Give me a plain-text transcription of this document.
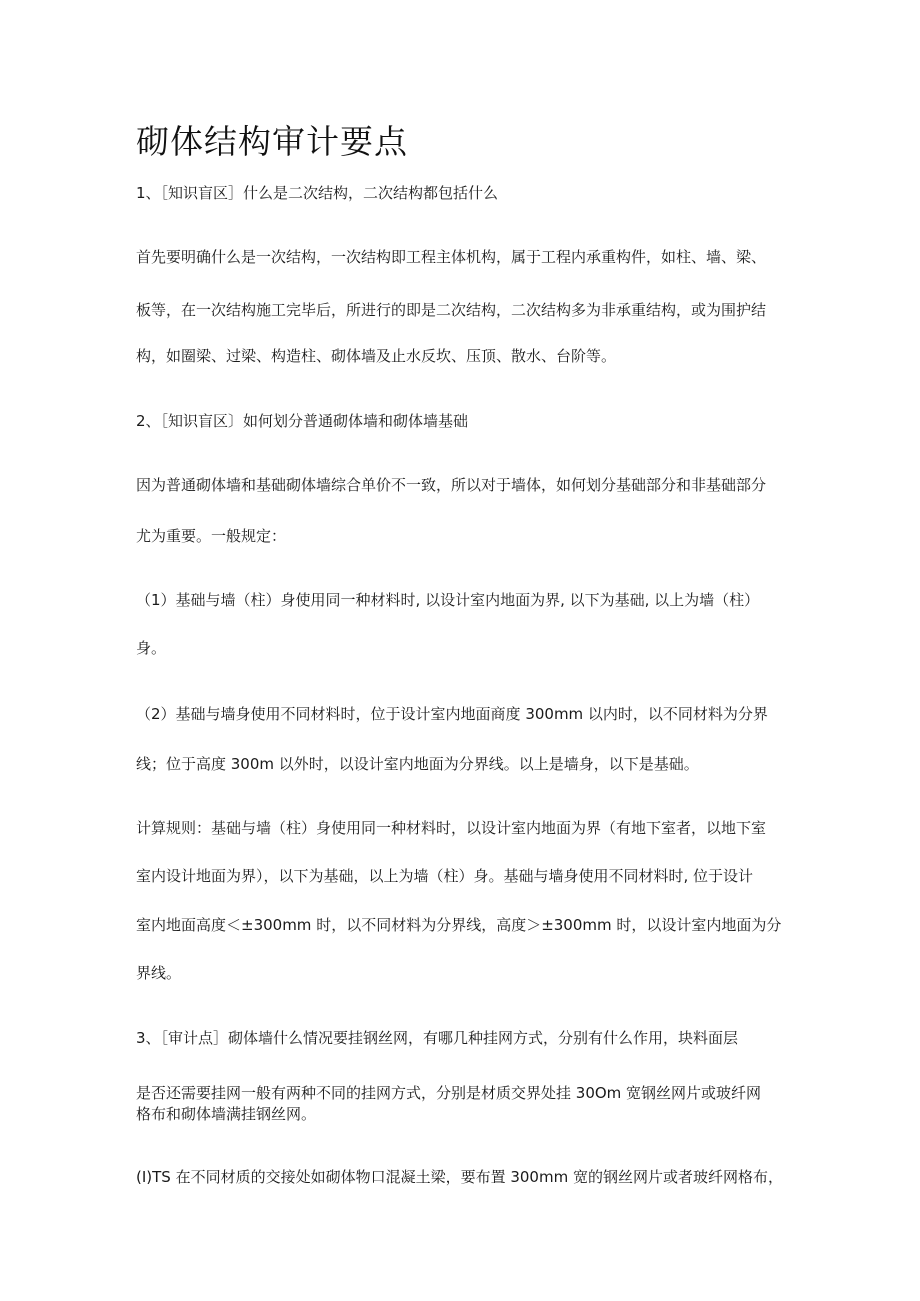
砌体结构审计要点
1、［知识盲区］什么是二次结构，二次结构都包括什么
首先要明确什么是一次结构，一次结构即工程主体机构，属于工程内承重构件，如柱、墙、梁、
板等，在一次结构施工完毕后，所进行的即是二次结构，二次结构多为非承重结构，或为围护结
构，如圈梁、过梁、构造柱、砌体墙及止水反坎、压顶、散水、台阶等。
2、［知识盲区〕如何划分普通砌体墙和砌体墙基础
因为普通砌体墙和基础砌体墙综合单价不一致，所以对于墙体，如何划分基础部分和非基础部分
尤为重要。一般规定：
（1）基础与墙（柱）身使用同一种材料时, 以设计室内地面为界, 以下为基础, 以上为墙（柱）
身。
（2）基础与墙身使用不同材料时，位于设计室内地面商度 300mm 以内时，以不同材料为分界
线；位于高度 300m 以外时，以设计室内地面为分界线。以上是墙身，以下是基础。
计算规则：基础与墙（柱）身使用同一种材料时，以设计室内地面为界（有地下室者，以地下室
室内设计地面为界），以下为基础，以上为墙（柱）身。基础与墙身使用不同材料时, 位于设计
室内地面高度＜±300mm 时，以不同材料为分界线，高度＞±300mm 时，以设计室内地面为分
界线。
3、［审计点］砌体墙什么情况要挂钢丝网，有哪几种挂网方式，分别有什么作用，块料面层
是否还需要挂网一般有两种不同的挂网方式，分别是材质交界处挂 30Om 宽钢丝网片或玻纤网
格布和砌体墙满挂钢丝网。
(I)TS 在不同材质的交接处如砌体物口混凝土梁，要布置 300mm 宽的钢丝网片或者玻纤网格布，
